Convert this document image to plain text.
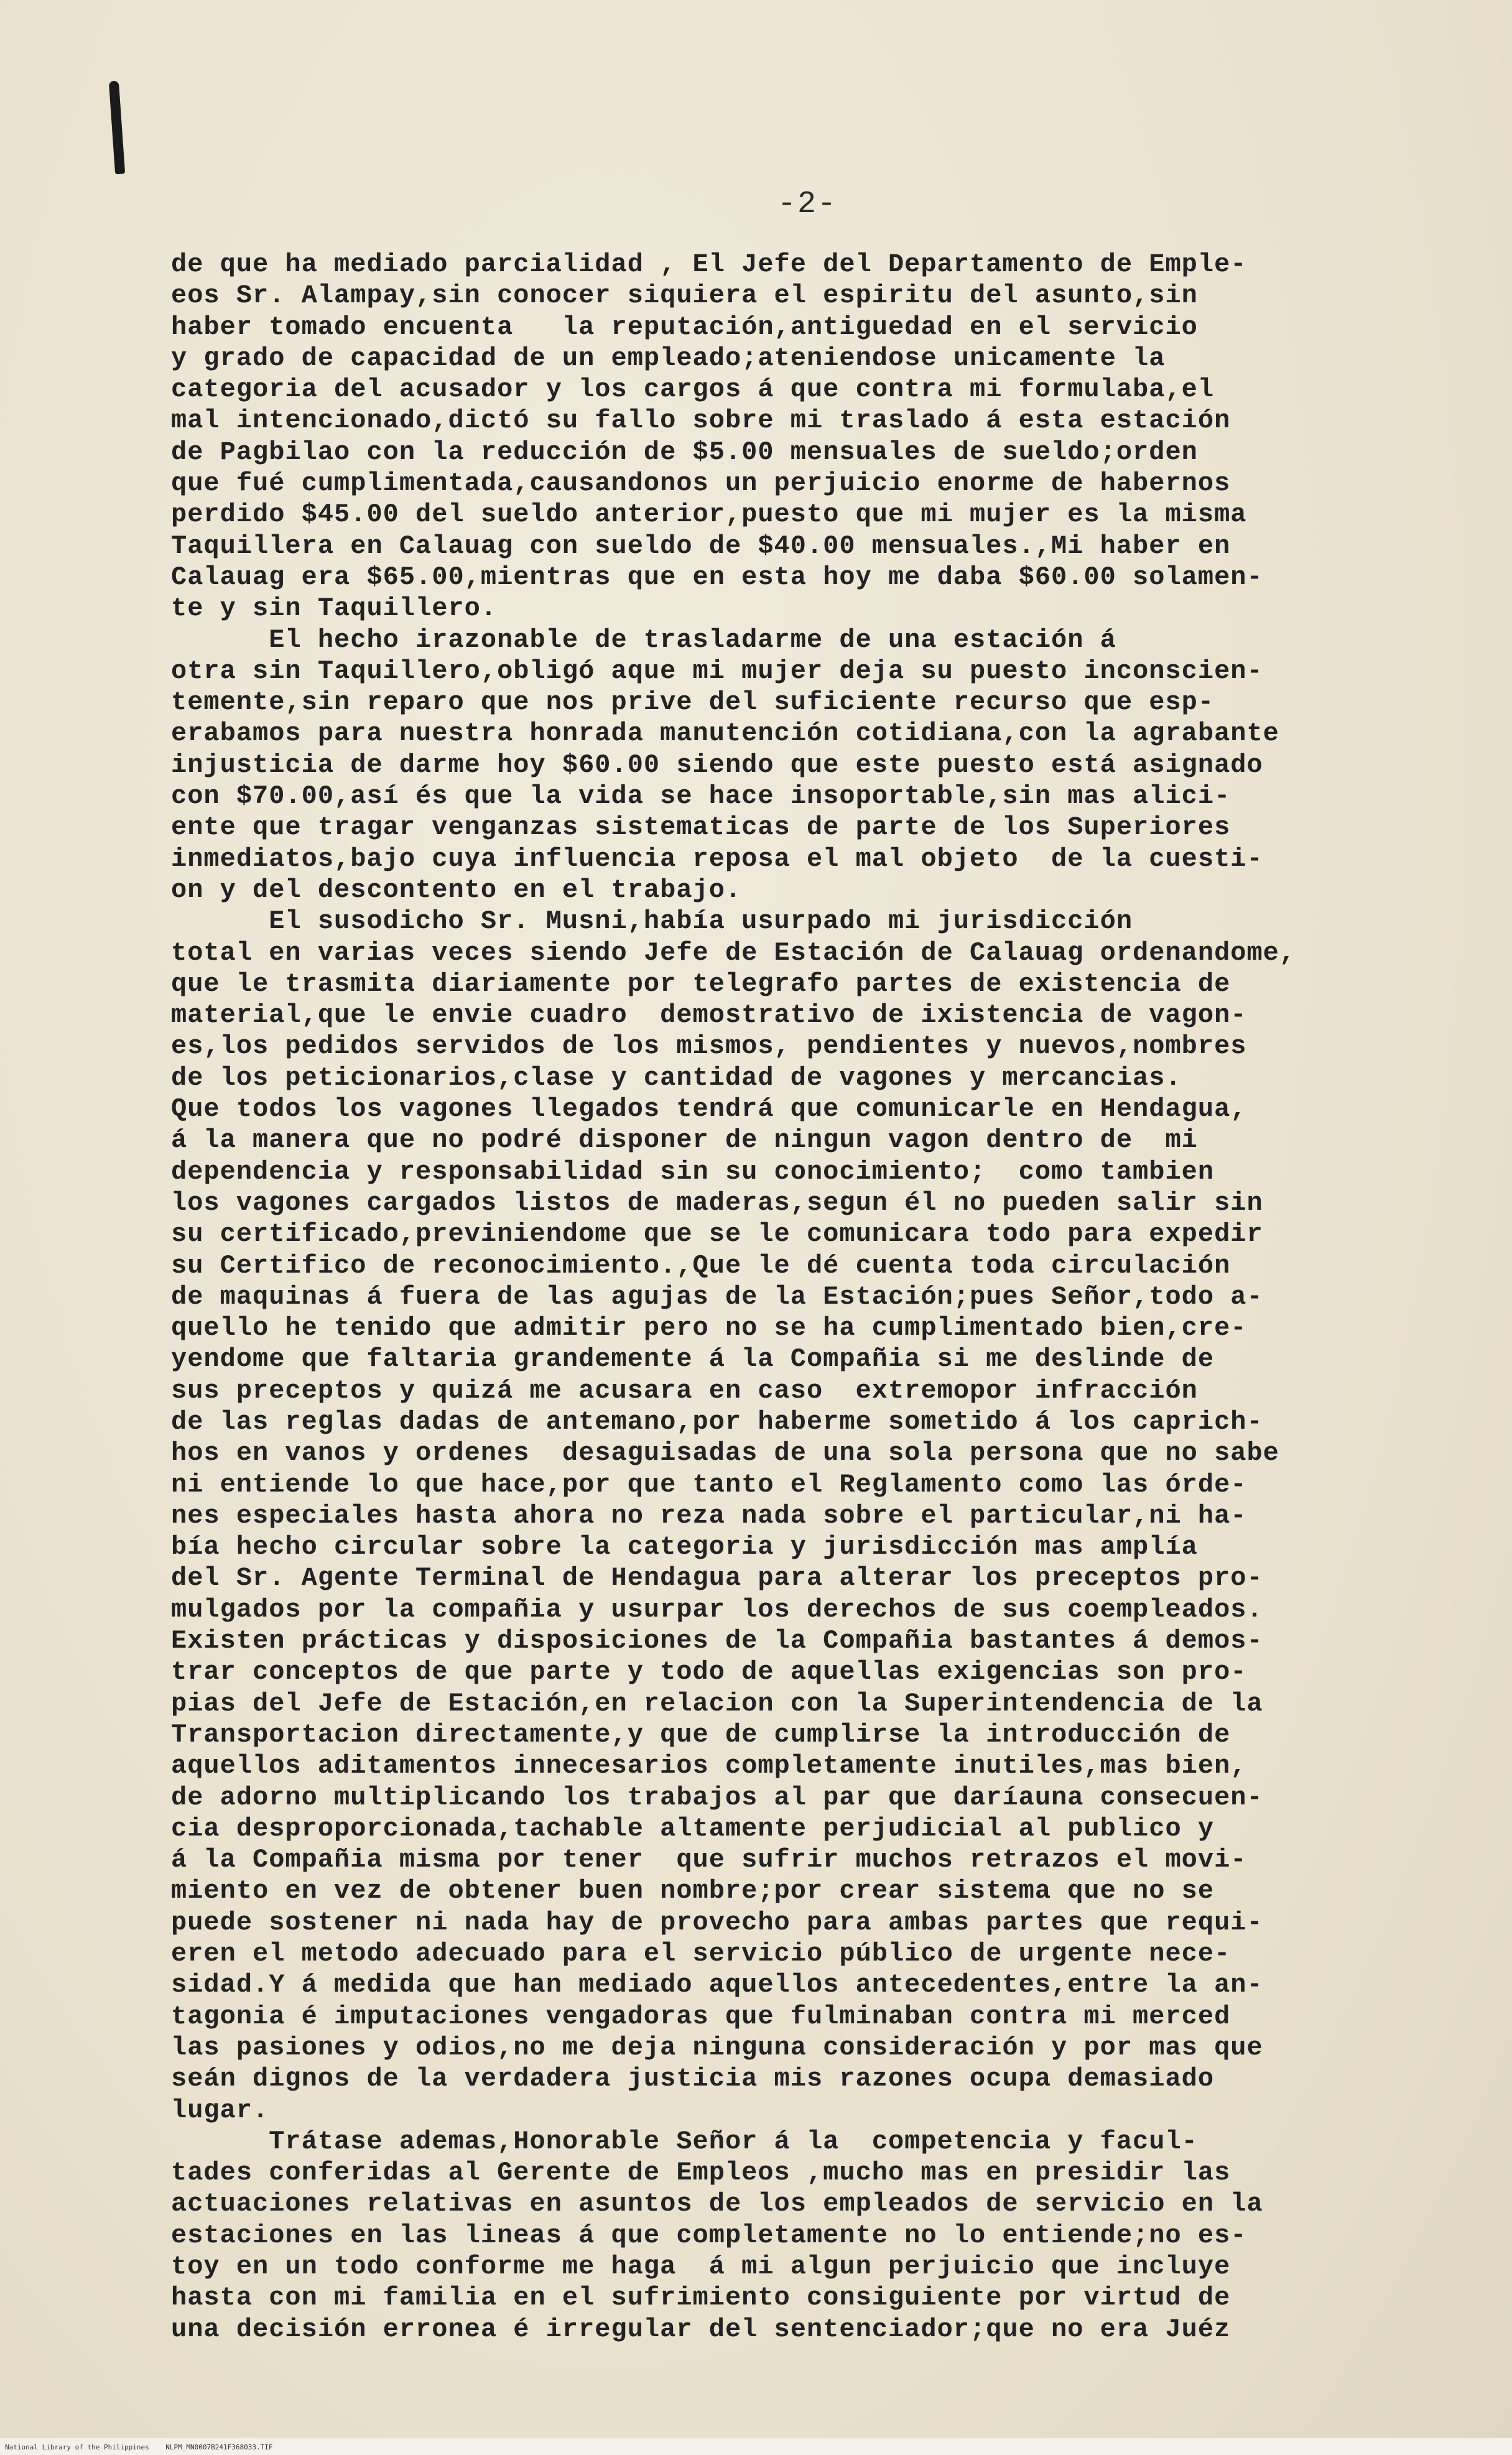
-2-
de que ha mediado parcialidad , El Jefe del Departamento de Emple-
eos Sr. Alampay,sin conocer siquiera el espiritu del asunto,sin
haber tomado encuenta   la reputación,antiguedad en el servicio
y grado de capacidad de un empleado;ateniendose unicamente la
categoria del acusador y los cargos á que contra mi formulaba,el
mal intencionado,dictó su fallo sobre mi traslado á esta estación
de Pagbilao con la reducción de $5.00 mensuales de sueldo;orden
que fué cumplimentada,causandonos un perjuicio enorme de habernos
perdido $45.00 del sueldo anterior,puesto que mi mujer es la misma
Taquillera en Calauag con sueldo de $40.00 mensuales.,Mi haber en
Calauag era $65.00,mientras que en esta hoy me daba $60.00 solamen-
te y sin Taquillero.
El hecho irazonable de trasladarme de una estación á
otra sin Taquillero,obligó aque mi mujer deja su puesto inconscien-
temente,sin reparo que nos prive del suficiente recurso que esp-
erabamos para nuestra honrada manutención cotidiana,con la agrabante
injusticia de darme hoy $60.00 siendo que este puesto está asignado
con $70.00,así és que la vida se hace insoportable,sin mas alici-
ente que tragar venganzas sistematicas de parte de los Superiores
inmediatos,bajo cuya influencia reposa el mal objeto  de la cuesti-
on y del descontento en el trabajo.
El susodicho Sr. Musni,había usurpado mi jurisdicción
total en varias veces siendo Jefe de Estación de Calauag ordenandome,
que le trasmita diariamente por telegrafo partes de existencia de
material,que le envie cuadro  demostrativo de ixistencia de vagon-
es,los pedidos servidos de los mismos, pendientes y nuevos,nombres
de los peticionarios,clase y cantidad de vagones y mercancias.
Que todos los vagones llegados tendrá que comunicarle en Hendagua,
á la manera que no podré disponer de ningun vagon dentro de  mi
dependencia y responsabilidad sin su conocimiento;  como tambien
los vagones cargados listos de maderas,segun él no pueden salir sin
su certificado,previniendome que se le comunicara todo para expedir
su Certifico de reconocimiento.,Que le dé cuenta toda circulación
de maquinas á fuera de las agujas de la Estación;pues Señor,todo a-
quello he tenido que admitir pero no se ha cumplimentado bien,cre-
yendome que faltaria grandemente á la Compañia si me deslinde de
sus preceptos y quizá me acusara en caso  extremopor infracción
de las reglas dadas de antemano,por haberme sometido á los caprich-
hos en vanos y ordenes  desaguisadas de una sola persona que no sabe
ni entiende lo que hace,por que tanto el Reglamento como las órde-
nes especiales hasta ahora no reza nada sobre el particular,ni ha-
bía hecho circular sobre la categoria y jurisdicción mas amplía
del Sr. Agente Terminal de Hendagua para alterar los preceptos pro-
mulgados por la compañia y usurpar los derechos de sus coempleados.
Existen prácticas y disposiciones de la Compañia bastantes á demos-
trar conceptos de que parte y todo de aquellas exigencias son pro-
pias del Jefe de Estación,en relacion con la Superintendencia de la
Transportacion directamente,y que de cumplirse la introducción de
aquellos aditamentos innecesarios completamente inutiles,mas bien,
de adorno multiplicando los trabajos al par que daríauna consecuen-
cia desproporcionada,tachable altamente perjudicial al publico y
á la Compañia misma por tener  que sufrir muchos retrazos el movi-
miento en vez de obtener buen nombre;por crear sistema que no se
puede sostener ni nada hay de provecho para ambas partes que requi-
eren el metodo adecuado para el servicio público de urgente nece-
sidad.Y á medida que han mediado aquellos antecedentes,entre la an-
tagonia é imputaciones vengadoras que fulminaban contra mi merced
las pasiones y odios,no me deja ninguna consideración y por mas que
seán dignos de la verdadera justicia mis razones ocupa demasiado
lugar.
Trátase ademas,Honorable Señor á la  competencia y facul-
tades conferidas al Gerente de Empleos ,mucho mas en presidir las
actuaciones relativas en asuntos de los empleados de servicio en la
estaciones en las lineas á que completamente no lo entiende;no es-
toy en un todo conforme me haga  á mi algun perjuicio que incluye
hasta con mi familia en el sufrimiento consiguiente por virtud de
una decisión erronea é irregular del sentenciador;que no era Juéz
National Library of the Philippines    NLPM_MN0007B241F368033.TIF
